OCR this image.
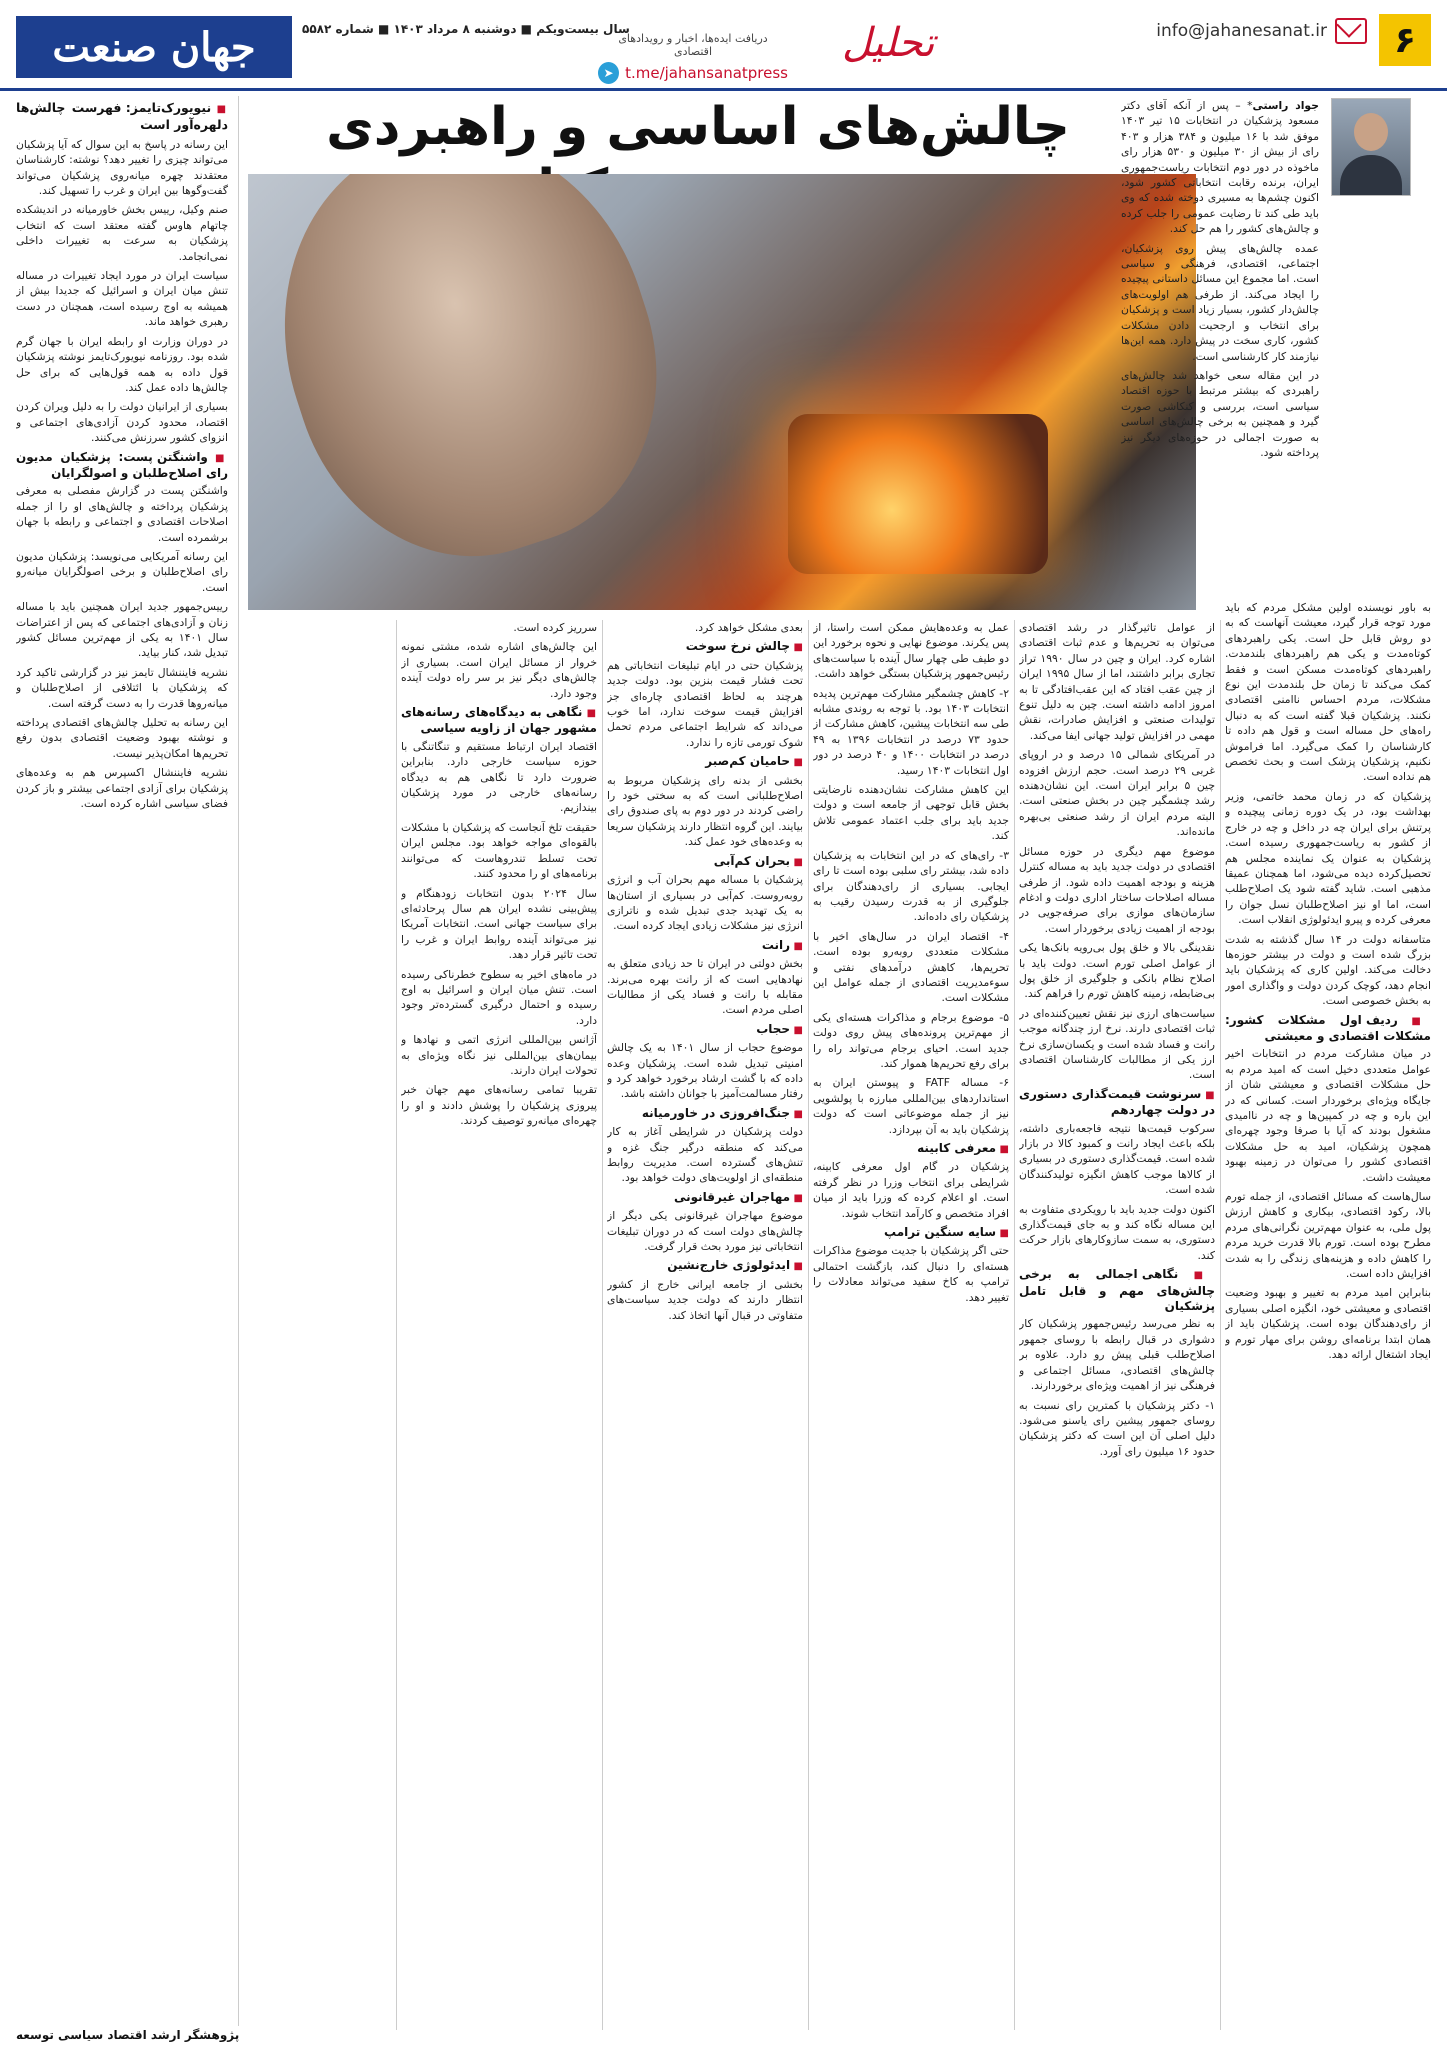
۶
info@jahanesanat.ir
تحلیل
دریافت ایده‌ها، اخبار و رویدادهای اقتصادی
➤ t.me/jahansanatpress
سال بیست‌ویکم ■ دوشنبه ۸ مرداد ۱۴۰۳ ■ شماره ۵۵۸۲
جهان صنعت
چالش‌های اساسی و راهبردی	جواد راستی* – پس از آنکه آقای دکتر مسعود پزشکیان در انتخابات ۱۵ تیر ۱۴۰۳ موفق شد با ۱۶ میلیون و ۳۸۴ هزار و ۴۰۳ رای از بیش از ۳۰ میلیون و ۵۳۰ هزار رای ماخوذه در دور دوم انتخابات ریاست‌جمهوری ایران، برنده رقابت انتخاباتی کشور شود، اکنون چشم‌ها به مسیری دوخته شده که وی باید طی کند تا رضایت عمومی را جلب کرده و چالش‌های کشور را هم حل کند.

عمده چالش‌های پیش روی پزشکیان، اجتماعی، اقتصادی، فرهنگی و سیاسی است. اما مجموع این مسائل داستانی پیچیده را ایجاد می‌کند. از طرفی هم اولویت‌های چالش‌دار کشور، بسیار زیاد است و پزشکیان برای انتخاب و ارجحیت دادن مشکلات کشور، کاری سخت در پیش دارد. همه این‌ها نیازمند کار کارشناسی است.

در این مقاله سعی خواهد شد چالش‌های راهبردی که بیشتر مرتبط با حوزه اقتصاد سیاسی است، بررسی و کنکاشی صورت گیرد و همچنین به برخی چالش‌های اساسی به صورت اجمالی در حوزه‌های دیگر نیز پرداخته شود.

به باور نویسنده اولین مشکل مردم که باید مورد توجه قرار گیرد، معیشت آنهاست که به دو روش قابل حل است. یکی راهبردهای کوتاه‌مدت و یکی هم راهبردهای بلندمدت. راهبردهای کوتاه‌مدت مسکن است و فقط کمک می‌کند تا زمان حل بلندمدت این نوع مشکلات، مردم احساس ناامنی اقتصادی نکنند. پزشکیان قبلا گفته است که به دنبال راه‌های حل مساله است و قول هم داده تا کارشناسان را کمک می‌گیرد. اما فراموش نکنیم، پزشکیان پزشک است و بحث تخصص هم نداده است.

پزشکیان که در زمان محمد خاتمی، وزیر بهداشت بود، در یک دوره زمانی پیچیده و پرتنش برای ایران چه در داخل و چه در خارج از کشور به ریاست‌جمهوری رسیده است. پزشکیان به عنوان یک نماینده مجلس هم تحصیل‌کرده دیده می‌شود، اما همچنان عمیقا مذهبی است. شاید گفته شود یک اصلاح‌طلب است، اما او نیز اصلاح‌طلبان نسل جوان را معرفی کرده و پیرو ایدئولوژی انقلاب است.

متاسفانه دولت در ۱۴ سال گذشته به شدت بزرگ شده است و دولت در بیشتر حوزه‌ها دخالت می‌کند. اولین کاری که پزشکیان باید انجام دهد، کوچک کردن دولت و واگذاری امور به بخش خصوصی است.

■ ردیف اول مشکلات کشور: مشکلات اقتصادی و معیشتی

در میان مشارکت مردم در انتخابات اخیر عوامل متعددی دخیل است که امید مردم به حل مشکلات اقتصادی و معیشتی شان از جایگاه ویژه‌ای برخوردار است. کسانی که در این باره و چه در کمپین‌ها و چه در ناامیدی مشغول بودند که آیا با صرفا وجود چهره‌ای همچون پزشکیان، امید به حل مشکلات اقتصادی کشور را می‌توان در زمینه بهبود معیشت داشت.

سال‌هاست که مسائل اقتصادی، از جمله تورم بالا، رکود اقتصادی، بیکاری و کاهش ارزش پول ملی، به عنوان مهم‌ترین نگرانی‌های مردم مطرح بوده است. تورم بالا قدرت خرید مردم را کاهش داده و هزینه‌های زندگی را به شدت افزایش داده است.

بنابراین امید مردم به تغییر و بهبود وضعیت اقتصادی و معیشتی خود، انگیزه اصلی بسیاری از رای‌دهندگان بوده است. پزشکیان باید از همان ابتدا برنامه‌ای روشن برای مهار تورم و ایجاد اشتغال ارائه دهد.

از عوامل تاثیرگذار در رشد اقتصادی می‌توان به تحریم‌ها و عدم ثبات اقتصادی اشاره کرد. ایران و چین در سال ۱۹۹۰ تراز تجاری برابر داشتند، اما از سال ۱۹۹۵ ایران از چین عقب افتاد که این عقب‌افتادگی تا به امروز ادامه داشته است. چین به دلیل تنوع تولیدات صنعتی و افزایش صادرات، نقش مهمی در افزایش تولید جهانی ایفا می‌کند.

در آمریکای شمالی ۱۵ درصد و در اروپای غربی ۲۹ درصد است. حجم ارزش افزوده چین ۵ برابر ایران است. این نشان‌دهنده رشد چشمگیر چین در بخش صنعتی است. البته مردم ایران از رشد صنعتی بی‌بهره مانده‌اند.

موضوع مهم دیگری در حوزه مسائل اقتصادی در دولت جدید باید به مساله کنترل هزینه و بودجه اهمیت داده شود. از طرفی مساله اصلاحات ساختار اداری دولت و ادغام سازمان‌های موازی برای صرفه‌جویی در بودجه از اهمیت زیادی برخوردار است.

نقدینگی بالا و خلق پول بی‌رویه بانک‌ها یکی از عوامل اصلی تورم است. دولت باید با اصلاح نظام بانکی و جلوگیری از خلق پول بی‌ضابطه، زمینه کاهش تورم را فراهم کند.

سیاست‌های ارزی نیز نقش تعیین‌کننده‌ای در ثبات اقتصادی دارند. نرخ ارز چندگانه موجب رانت و فساد شده است و یکسان‌سازی نرخ ارز یکی از مطالبات کارشناسان اقتصادی است.

■ سرنوشت قیمت‌گذاری دستوری در دولت چهاردهم

سرکوب قیمت‌ها نتیجه فاجعه‌باری داشته، بلکه باعث ایجاد رانت و کمبود کالا در بازار شده است. قیمت‌گذاری دستوری در بسیاری از کالاها موجب کاهش انگیزه تولیدکنندگان شده است.

اکنون دولت جدید باید با رویکردی متفاوت به این مساله نگاه کند و به جای قیمت‌گذاری دستوری، به سمت سازوکارهای بازار حرکت کند.

■ نگاهی اجمالی به برخی چالش‌های مهم و قابل تامل پزشکیان

به نظر می‌رسد رئیس‌جمهور پزشکیان کار دشواری در قبال رابطه با روسای جمهور اصلاح‌طلب قبلی پیش رو دارد. علاوه بر چالش‌های اقتصادی، مسائل اجتماعی و فرهنگی نیز از اهمیت ویژه‌ای برخوردارند.

۱- دکتر پزشکیان با کمترین رای نسبت به روسای جمهور پیشین رای یاسنو می‌شود. دلیل اصلی آن این است که دکتر پزشکیان حدود ۱۶ میلیون رای آورد.

عمل به وعده‌هایش ممکن است راستا، از پس یکرند. موضوع نهایی و نحوه برخورد این دو طیف طی چهار سال آینده با سیاست‌های رئیس‌جمهور پزشکیان بستگی خواهد داشت.

۲- کاهش چشمگیر مشارکت مهم‌ترین پدیده انتخابات ۱۴۰۳ بود. با توجه به روندی مشابه طی سه انتخابات پیشین، کاهش مشارکت از حدود ۷۳ درصد در انتخابات ۱۳۹۶ به ۴۹ درصد در انتخابات ۱۴۰۰ و ۴۰ درصد در دور اول انتخابات ۱۴۰۳ رسید.

این کاهش مشارکت نشان‌دهنده نارضایتی بخش قابل توجهی از جامعه است و دولت جدید باید برای جلب اعتماد عمومی تلاش کند.

۳- رای‌های که در این انتخابات به پزشکیان داده شد، بیشتر رای سلبی بوده است تا رای ایجابی. بسیاری از رای‌دهندگان برای جلوگیری از به قدرت رسیدن رقیب به پزشکیان رای داده‌اند.

۴- اقتصاد ایران در سال‌های اخیر با مشکلات متعددی روبه‌رو بوده است. تحریم‌ها، کاهش درآمدهای نفتی و سوءمدیریت اقتصادی از جمله عوامل این مشکلات است.

۵- موضوع برجام و مذاکرات هسته‌ای یکی از مهم‌ترین پرونده‌های پیش روی دولت جدید است. احیای برجام می‌تواند راه را برای رفع تحریم‌ها هموار کند.

۶- مساله FATF و پیوستن ایران به استانداردهای بین‌المللی مبارزه با پولشویی نیز از جمله موضوعاتی است که دولت پزشکیان باید به آن بپردازد.

■ معرفی کابینه

پزشکیان در گام اول معرفی کابینه، شرایطی برای انتخاب وزرا در نظر گرفته است. او اعلام کرده که وزرا باید از میان افراد متخصص و کارآمد انتخاب شوند.

■ سایه سنگین ترامپ

حتی اگر پزشکیان با جدیت موضوع مذاکرات هسته‌ای را دنبال کند، بازگشت احتمالی ترامپ به کاخ سفید می‌تواند معادلات را تغییر دهد.

بعدی مشکل خواهد کرد.

■ چالش نرخ سوخت

پزشکیان حتی در ایام تبلیغات انتخاباتی هم تحت فشار قیمت بنزین بود. دولت جدید هرچند به لحاظ اقتصادی چاره‌ای جز افزایش قیمت سوخت ندارد، اما خوب می‌داند که شرایط اجتماعی مردم تحمل شوک تورمی تازه را ندارد.

■ حامیان کم‌صبر

بخشی از بدنه رای پزشکیان مربوط به اصلاح‌طلبانی است که به سختی خود را راضی کردند در دور دوم به پای صندوق رای بیایند. این گروه انتظار دارند پزشکیان سریعا به وعده‌های خود عمل کند.

■ بحران کم‌آبی

پزشکیان با مساله مهم بحران آب و انرژی روبه‌روست. کم‌آبی در بسیاری از استان‌ها به یک تهدید جدی تبدیل شده و ناترازی انرژی نیز مشکلات زیادی ایجاد کرده است.

■ رانت

بخش دولتی در ایران تا حد زیادی متعلق به نهادهایی است که از رانت بهره می‌برند. مقابله با رانت و فساد یکی از مطالبات اصلی مردم است.

■ حجاب

موضوع حجاب از سال ۱۴۰۱ به یک چالش امنیتی تبدیل شده است. پزشکیان وعده داده که با گشت ارشاد برخورد خواهد کرد و رفتار مسالمت‌آمیز با جوانان داشته باشد.

■ جنگ‌افروزی در خاورمیانه

دولت پزشکیان در شرایطی آغاز به کار می‌کند که منطقه درگیر جنگ غزه و تنش‌های گسترده است. مدیریت روابط منطقه‌ای از اولویت‌های دولت خواهد بود.

■ مهاجران غیرقانونی

موضوع مهاجران غیرقانونی یکی دیگر از چالش‌های دولت است که در دوران تبلیغات انتخاباتی نیز مورد بحث قرار گرفت.

■ ایدئولوژی خارج‌نشین

بخشی از جامعه ایرانی خارج از کشور انتظار دارند که دولت جدید سیاست‌های متفاوتی در قبال آنها اتخاذ کند.

سرریز کرده است.

این چالش‌های اشاره شده، مشتی نمونه خروار از مسائل ایران است. بسیاری از چالش‌های دیگر نیز بر سر راه دولت آینده وجود دارد.

■ نگاهی به دیدگاه‌های رسانه‌های مشهور جهان از زاویه سیاسی

اقتصاد ایران ارتباط مستقیم و تنگاتنگی با حوزه سیاست خارجی دارد. بنابراین ضرورت دارد تا نگاهی هم به دیدگاه رسانه‌های خارجی در مورد پزشکیان بیندازیم.

حقیقت تلخ آنجاست که پزشکیان با مشکلات بالقوه‌ای مواجه خواهد بود. مجلس ایران تحت تسلط تندروهاست که می‌توانند برنامه‌های او را محدود کنند.

سال ۲۰۲۴ بدون انتخابات زودهنگام و پیش‌بینی نشده ایران هم سال پرحادثه‌ای برای سیاست جهانی است. انتخابات آمریکا نیز می‌تواند آینده روابط ایران و غرب را تحت تاثیر قرار دهد.

در ماه‌های اخیر به سطوح خطرناکی رسیده است. تنش میان ایران و اسرائیل به اوج رسیده و احتمال درگیری گسترده‌تر وجود دارد.

آژانس بین‌المللی انرژی اتمی و نهادها و بیمان‌های بین‌المللی نیز نگاه ویژه‌ای به تحولات ایران دارند.

تقریبا تمامی رسانه‌های مهم جهان خبر پیروزی پزشکیان را پوشش دادند و او را چهره‌ای میانه‌رو توصیف کردند.

■ نیویورک‌تایمز: فهرست چالش‌ها دلهره‌آور است

این رسانه در پاسخ به این سوال که آیا پزشکیان می‌تواند چیزی را تغییر دهد؟ نوشته: کارشناسان معتقدند چهره میانه‌روی پزشکیان می‌تواند گفت‌وگوها بین ایران و غرب را تسهیل کند.

صنم وکیل، رییس بخش خاورمیانه در اندیشکده چاتهام هاوس گفته معتقد است که انتخاب پزشکیان به سرعت به تغییرات داخلی نمی‌انجامد.

سیاست ایران در مورد ایجاد تغییرات در مساله تنش میان ایران و اسرائیل که جدیدا بیش از همیشه به اوج رسیده است، همچنان در دست رهبری خواهد ماند.

در دوران وزارت او رابطه ایران با جهان گرم شده بود. روزنامه نیویورک‌تایمز نوشته پزشکیان قول داده به همه قول‌هایی که برای حل چالش‌ها داده عمل کند.

بسیاری از ایرانیان دولت را به دلیل ویران کردن اقتصاد، محدود کردن آزادی‌های اجتماعی و انزوای کشور سرزنش می‌کنند.

■ واشنگتن پست: پزشکیان مدیون رای اصلاح‌طلبان و اصولگرایان

واشنگتن پست در گزارش مفصلی به معرفی پزشکیان پرداخته و چالش‌های او را از جمله اصلاحات اقتصادی و اجتماعی و رابطه با جهان برشمرده است.

این رسانه آمریکایی می‌نویسد: پزشکیان مدیون رای اصلاح‌طلبان و برخی اصولگرایان میانه‌رو است.

رییس‌جمهور جدید ایران همچنین باید با مساله زنان و آزادی‌های اجتماعی که پس از اعتراضات سال ۱۴۰۱ به یکی از مهم‌ترین مسائل کشور تبدیل شد، کنار بیاید.

نشریه فایننشال تایمز نیز در گزارشی تاکید کرد که پزشکیان با ائتلافی از اصلاح‌طلبان و میانه‌روها قدرت را به دست گرفته است.

این رسانه به تحلیل چالش‌های اقتصادی پرداخته و نوشته بهبود وضعیت اقتصادی بدون رفع تحریم‌ها امکان‌پذیر نیست.

نشریه فایننشال اکسپرس هم به وعده‌های پزشکیان برای آزادی اجتماعی بیشتر و باز کردن فضای سیاسی اشاره کرده است.

پژوهشگر ارشد اقتصاد سیاسی توسعه
